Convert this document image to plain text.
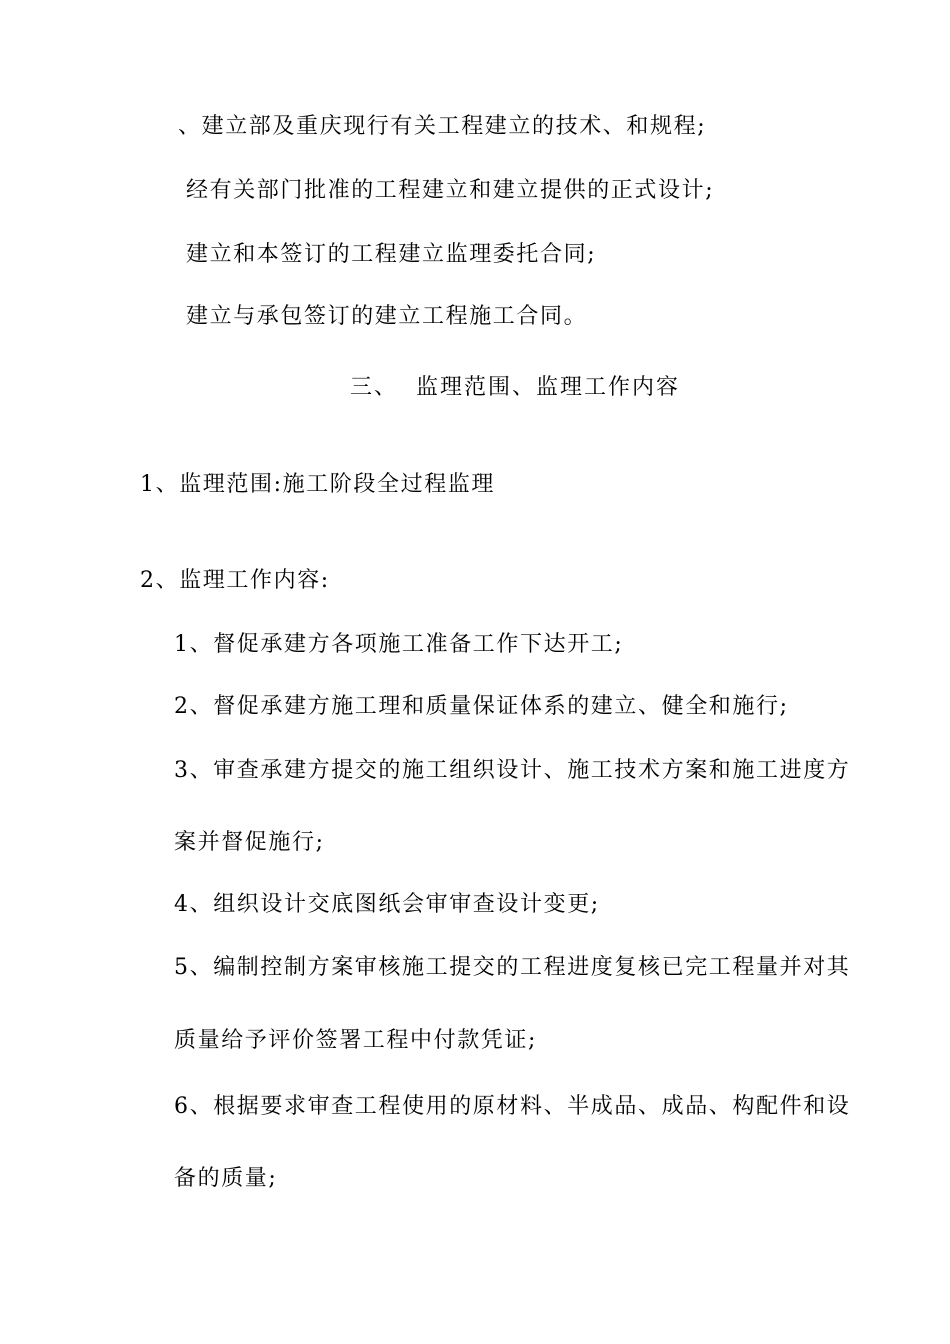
、建立部及重庆现行有关工程建立的技术、和规程;
经有关部门批准的工程建立和建立提供的正式设计;
建立和本签订的工程建立监理委托合同;
建立与承包签订的建立工程施工合同。
三、 监理范围、监理工作内容
1、监理范围:施工阶段全过程监理
2、监理工作内容:
1、督促承建方各项施工准备工作下达开工;
2、督促承建方施工理和质量保证体系的建立、健全和施行;
3、审查承建方提交的施工组织设计、施工技术方案和施工进度方
案并督促施行;
4、组织设计交底图纸会审审查设计变更;
5、编制控制方案审核施工提交的工程进度复核已完工程量并对其
质量给予评价签署工程中付款凭证;
6、根据要求审查工程使用的原材料、半成品、成品、构配件和设
备的质量;
